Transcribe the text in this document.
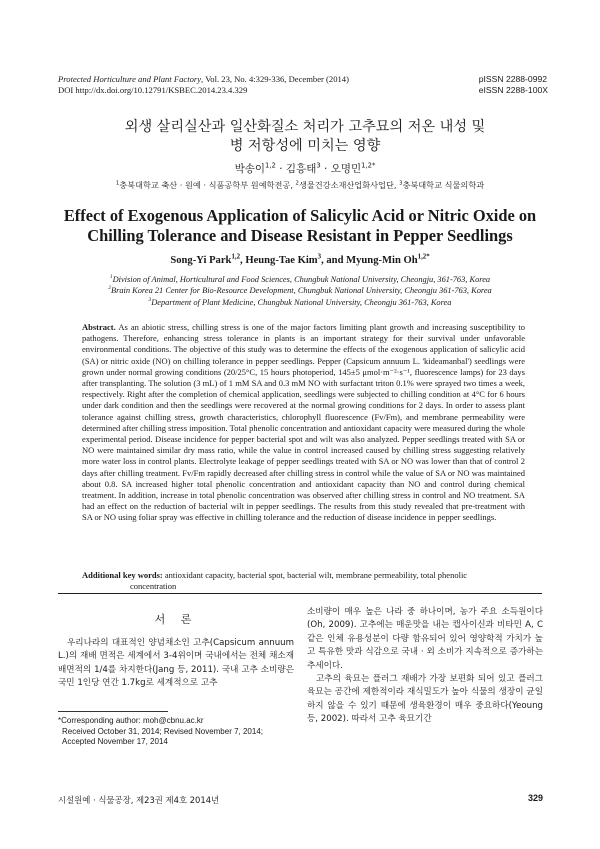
Protected Horticulture and Plant Factory, Vol. 23, No. 4:329-336, December (2014)
DOI http://dx.doi.org/10.12791/KSBEC.2014.23.4.329
pISSN 2288-0992
eISSN 2288-100X
외생 살리실산과 일산화질소 처리가 고추묘의 저온 내성 및
병 저항성에 미치는 영향
박송이$^{1,2}$ · 김흥태$^3$ · 오명민$^{1,2*}$
$^1$충북대학교 축산 · 원예 · 식품공학부 원예학전공, $^2$생물건강소재산업화사업단, $^3$충북대학교 식물의학과
Effect of Exogenous Application of Salicylic Acid or Nitric Oxide on
Chilling Tolerance and Disease Resistant in Pepper Seedlings
Song-Yi Park$^{1,2}$, Heung-Tae Kim$^3$, and Myung-Min $Oh^{1,2*}$
$^1$Division of Animal, Horticultural and Food Sciences, Chungbuk National University, Cheongju, 361-763, Korea
$^2$Brain Korea 21 Center for Bio-Resource Development, Chungbuk National University, Cheongju 361-763, Korea
$^3$Department of Plant Medicine, Chungbuk National University, Cheongju 361-763, Korea
Abstract. As an abiotic stress, chilling stress is one of the major factors limiting plant growth and increasing susceptibility to pathogens. Therefore, enhancing stress tolerance in plants is an important strategy for their survival under unfavorable environmental conditions. The objective of this study was to determine the effects of the exogenous application of salicylic acid (SA) or nitric oxide (NO) on chilling tolerance in pepper seedlings. Pepper (Capsicum annuum L. 'kideamanbal') seedlings were grown under normal growing conditions (20/25°C, 15 hours photoperiod, 145±5 μmol·m⁻²·s⁻¹, fluorescence lamps) for 23 days after transplanting. The solution (3 mL) of 1 mM SA and 0.3 mM NO with surfactant triton 0.1% were sprayed two times a week, respectively. Right after the completion of chemical application, seedlings were subjected to chilling condition at 4°C for 6 hours under dark condition and then the seedlings were recovered at the normal growing conditions for 2 days. In order to assess plant tolerance against chilling stress, growth characteristics, chlorophyll fluorescence (Fv/Fm), and membrane permeability were determined after chilling stress imposition. Total phenolic concentration and antioxidant capacity were measured during the whole experimental period. Disease incidence for pepper bacterial spot and wilt was also analyzed. Pepper seedlings treated with SA or NO were maintained similar dry mass ratio, while the value in control increased caused by chilling stress suggesting relatively more water loss in control plants. Electrolyte leakage of pepper seedlings treated with SA or NO was lower than that of control 2 days after chilling treatment. Fv/Fm rapidly decreased after chilling stress in control while the value of SA or NO was maintained about 0.8. SA increased higher total phenolic concentration and antioxidant capacity than NO and control during chemical treatment. In addition, increase in total phenolic concentration was observed after chilling stress in control and NO treatment. SA had an effect on the reduction of bacterial wilt in pepper seedlings. The results from this study revealed that pre-treatment with SA or NO using foliar spray was effective in chilling tolerance and the reduction of disease incidence in pepper seedlings.
Additional key words: antioxidant capacity, bacterial spot, bacterial wilt, membrane permeability, total phenolic
concentration
서 론
우리나라의 대표적인 양념채소인 고추(Capsicum annuum L.)의 재배 면적은 세계에서 3-4위이며 국내에서는 전체 채소재배면적의 1/4를 차지한다(Jang 등, 2011). 국내 고추 소비량은 국민 1인당 연간 1.7kg로 세계적으로 고추
소비량이 매우 높은 나라 중 하나이며, 농가 주요 소득원이다(Oh, 2009). 고추에는 매운맛을 내는 캡사이신과 비타민 A, C 같은 인체 유용성분이 다량 함유되어 있어 영양학적 가치가 높고 특유한 맛과 식감으로 국내 · 외 소비가 지속적으로 증가하는 추세이다.
고추의 육묘는 플러그 재배가 가장 보편화 되어 있고 플러그 육묘는 공간에 제한적이라 재식밀도가 높아 식물의 생장이 균일하지 않을 수 있기 때문에 생육환경이 매우 중요하다(Yeoung 등, 2002). 따라서 고추 육묘기간
*Corresponding author: moh@cbnu.ac.kr
Received October 31, 2014; Revised November 7, 2014;
Accepted November 17, 2014
시설원예 · 식물공장, 제23권 제4호 2014년	329
